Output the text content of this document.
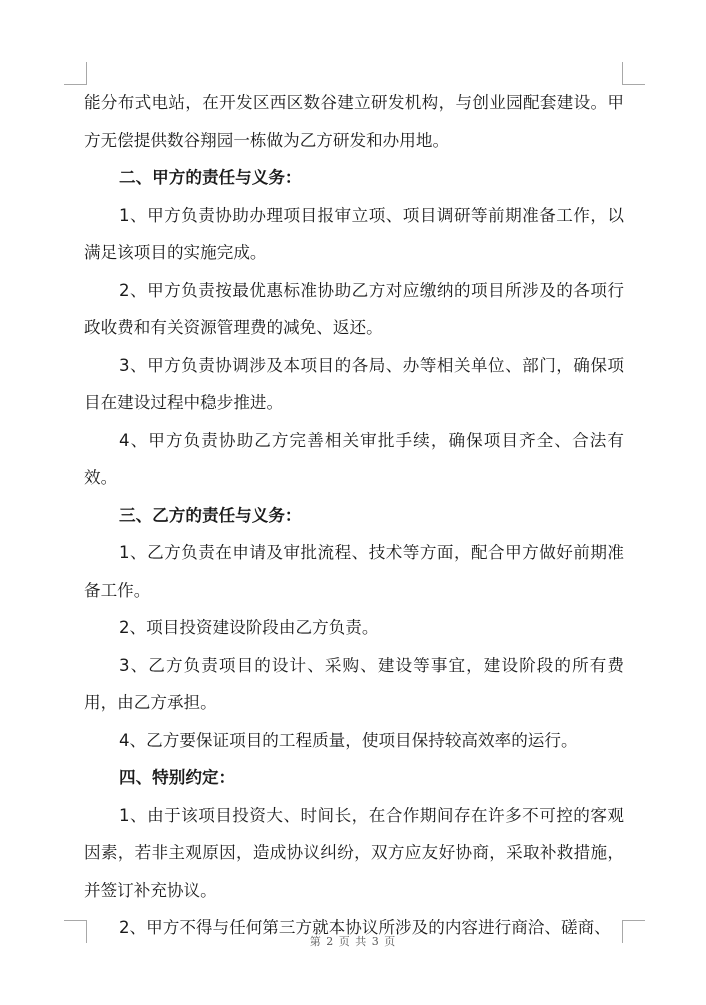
能分布式电站，在开发区西区数谷建立研发机构，与创业园配套建设。甲方无偿提供数谷翔园一栋做为乙方研发和办用地。

二、甲方的责任与义务：

1、甲方负责协助办理项目报审立项、项目调研等前期准备工作，以满足该项目的实施完成。

2、甲方负责按最优惠标准协助乙方对应缴纳的项目所涉及的各项行政收费和有关资源管理费的减免、返还。

3、甲方负责协调涉及本项目的各局、办等相关单位、部门，确保项目在建设过程中稳步推进。

4、甲方负责协助乙方完善相关审批手续，确保项目齐全、合法有效。

三、乙方的责任与义务：

1、乙方负责在申请及审批流程、技术等方面，配合甲方做好前期准备工作。

2、项目投资建设阶段由乙方负责。

3、乙方负责项目的设计、采购、建设等事宜，建设阶段的所有费用，由乙方承担。

4、乙方要保证项目的工程质量，使项目保持较高效率的运行。

四、特别约定：

1、由于该项目投资大、时间长，在合作期间存在许多不可控的客观因素，若非主观原因，造成协议纠纷，双方应友好协商，采取补救措施，并签订补充协议。

2、甲方不得与任何第三方就本协议所涉及的内容进行商洽、磋商、

第 2 页 共 3 页
